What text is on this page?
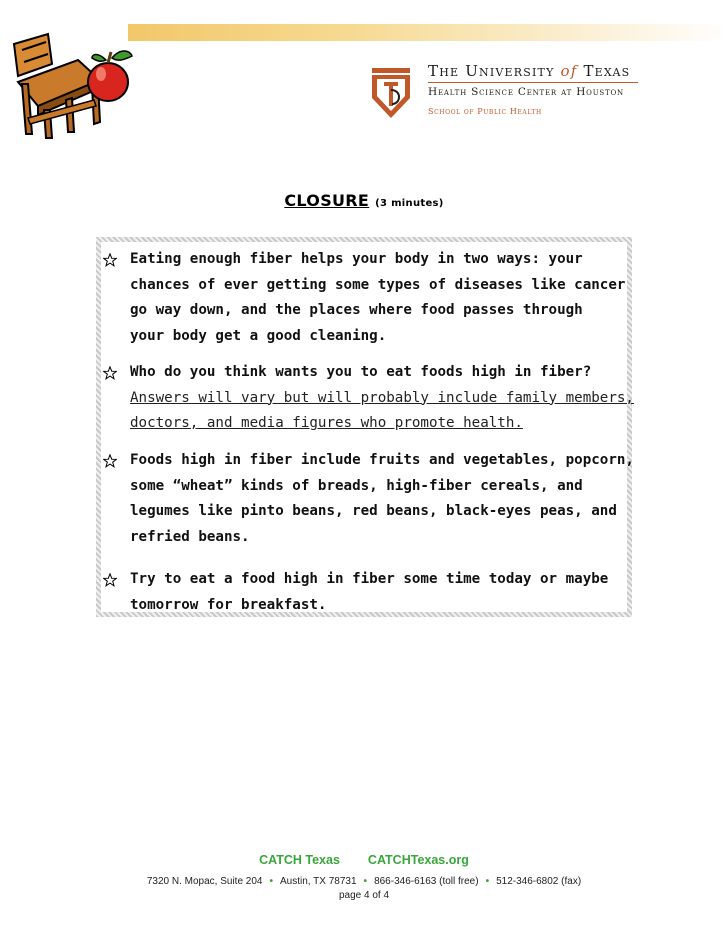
The University of Texas
Health Science Center at Houston
School of Public Health
CLOSURE (3 minutes)
Eating enough fiber helps your body in two ways: your
chances of ever getting some types of diseases like cancer
go way down, and the places where food passes through
your body get a good cleaning.
Who do you think wants you to eat foods high in fiber?
Answers will vary but will probably include family members,
doctors, and media figures who promote health.
Foods high in fiber include fruits and vegetables, popcorn,
some “wheat” kinds of breads, high-fiber cereals, and
legumes like pinto beans, red beans, black-eyes peas, and
refried beans.
Try to eat a food high in fiber some time today or maybe
tomorrow for breakfast.
CATCH Texas CATCHTexas.org
7320 N. Mopac, Suite 204 • Austin, TX 78731 • 866-346-6163 (toll free) • 512-346-6802 (fax)
page 4 of 4
